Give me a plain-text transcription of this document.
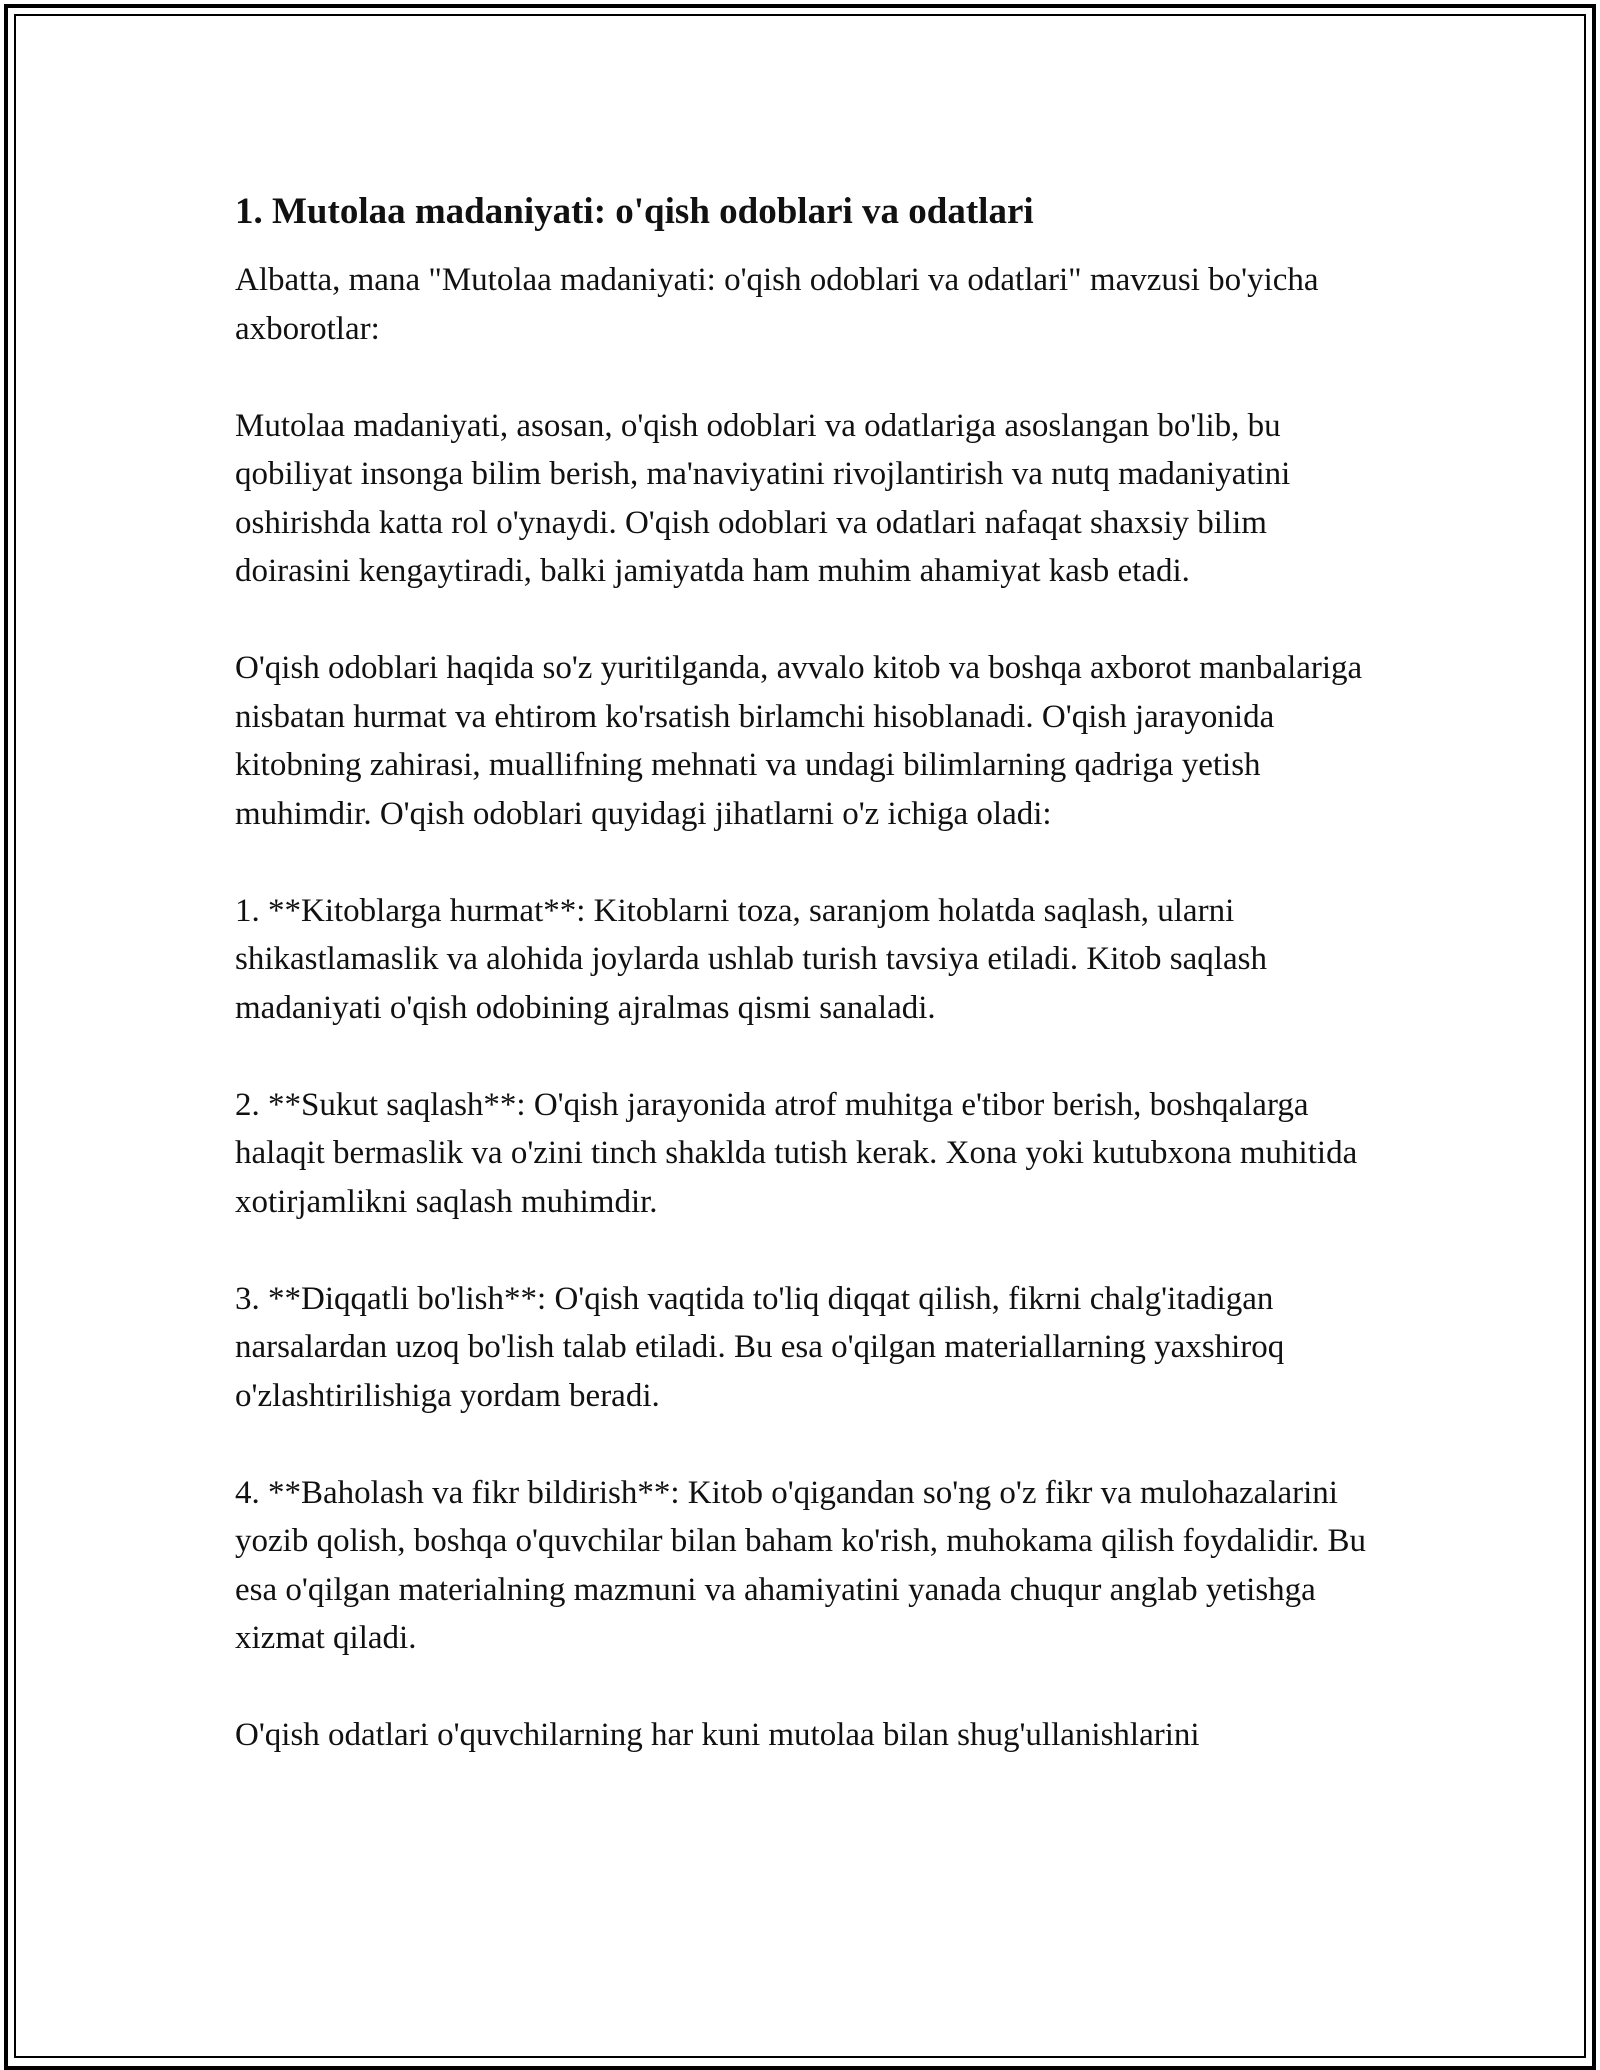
1. Mutolaa madaniyati: o'qish odoblari va odatlari

Albatta, mana "Mutolaa madaniyati: o'qish odoblari va odatlari" mavzusi bo'yicha axborotlar:

Mutolaa madaniyati, asosan, o'qish odoblari va odatlariga asoslangan bo'lib, bu qobiliyat insonga bilim berish, ma'naviyatini rivojlantirish va nutq madaniyatini oshirishda katta rol o'ynaydi. O'qish odoblari va odatlari nafaqat shaxsiy bilim doirasini kengaytiradi, balki jamiyatda ham muhim ahamiyat kasb etadi.

O'qish odoblari haqida so'z yuritilganda, avvalo kitob va boshqa axborot manbalariga nisbatan hurmat va ehtirom ko'rsatish birlamchi hisoblanadi. O'qish jarayonida kitobning zahirasi, muallifning mehnati va undagi bilimlarning qadriga yetish muhimdir. O'qish odoblari quyidagi jihatlarni o'z ichiga oladi:

1. **Kitoblarga hurmat**: Kitoblarni toza, saranjom holatda saqlash, ularni shikastlamaslik va alohida joylarda ushlab turish tavsiya etiladi. Kitob saqlash madaniyati o'qish odobining ajralmas qismi sanaladi.

2. **Sukut saqlash**: O'qish jarayonida atrof muhitga e'tibor berish, boshqalarga halaqit bermaslik va o'zini tinch shaklda tutish kerak. Xona yoki kutubxona muhitida xotirjamlikni saqlash muhimdir.

3. **Diqqatli bo'lish**: O'qish vaqtida to'liq diqqat qilish, fikrni chalg'itadigan narsalardan uzoq bo'lish talab etiladi. Bu esa o'qilgan materiallarning yaxshiroq o'zlashtirilishiga yordam beradi.

4. **Baholash va fikr bildirish**: Kitob o'qigandan so'ng o'z fikr va mulohazalarini yozib qolish, boshqa o'quvchilar bilan baham ko'rish, muhokama qilish foydalidir. Bu esa o'qilgan materialning mazmuni va ahamiyatini yanada chuqur anglab yetishga xizmat qiladi.

O'qish odatlari o'quvchilarning har kuni mutolaa bilan shug'ullanishlarini
